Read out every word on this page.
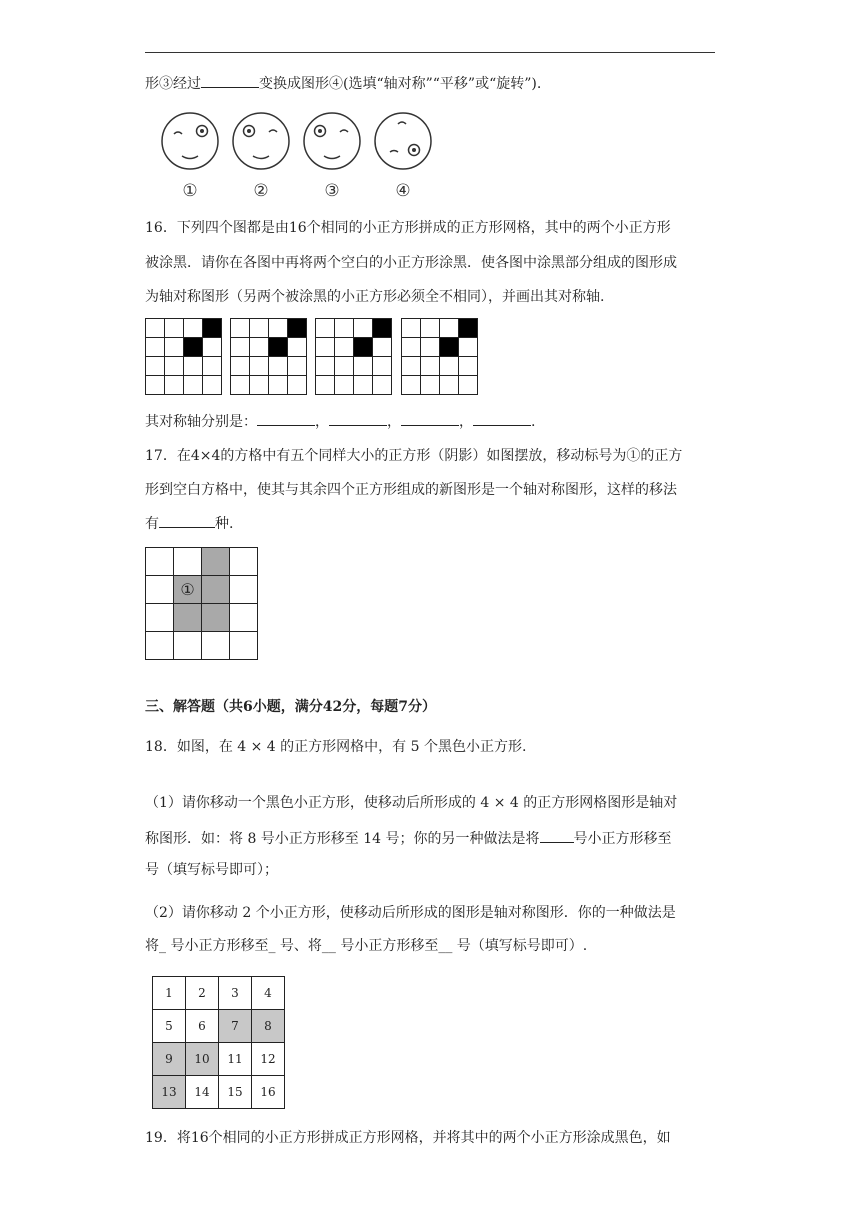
形③经过	变换成图形④(选填“轴对称”“平移”或“旋转”).
①	②	③	④
16．下列四个图都是由16个相同的小正方形拼成的正方形网格，其中的两个小正方形
被涂黑．请你在各图中再将两个空白的小正方形涂黑．使各图中涂黑部分组成的图形成
为轴对称图形（另两个被涂黑的小正方形必须全不相同），并画出其对称轴.

其对称轴分别是：	，	，	，	.
17．在4×4的方格中有五个同样大小的正方形（阴影）如图摆放，移动标号为①的正方
形到空白方格中，使其与其余四个正方形组成的新图形是一个轴对称图形，这样的移法
有	种.

	①		

三、解答题（共6小题，满分42分，每题7分）
18．如图，在 4 × 4 的正方形网格中，有 5 个黑色小正方形.
（1）请你移动一个黑色小正方形，使移动后所形成的 4 × 4 的正方形网格图形是轴对
称图形．如：将 8 号小正方形移至 14 号；你的另一种做法是将 号小正方形移至
号（填写标号即可）；
（2）请你移动 2 个小正方形，使移动后所形成的图形是轴对称图形．你的一种做法是
将_ 号小正方形移至_ 号、将__ 号小正方形移至__ 号（填写标号即可）.
1	2	3	4
5	6	7	8
9	10	11	12
13	14	15	16
19．将16个相同的小正方形拼成正方形网格，并将其中的两个小正方形涂成黑色，如
